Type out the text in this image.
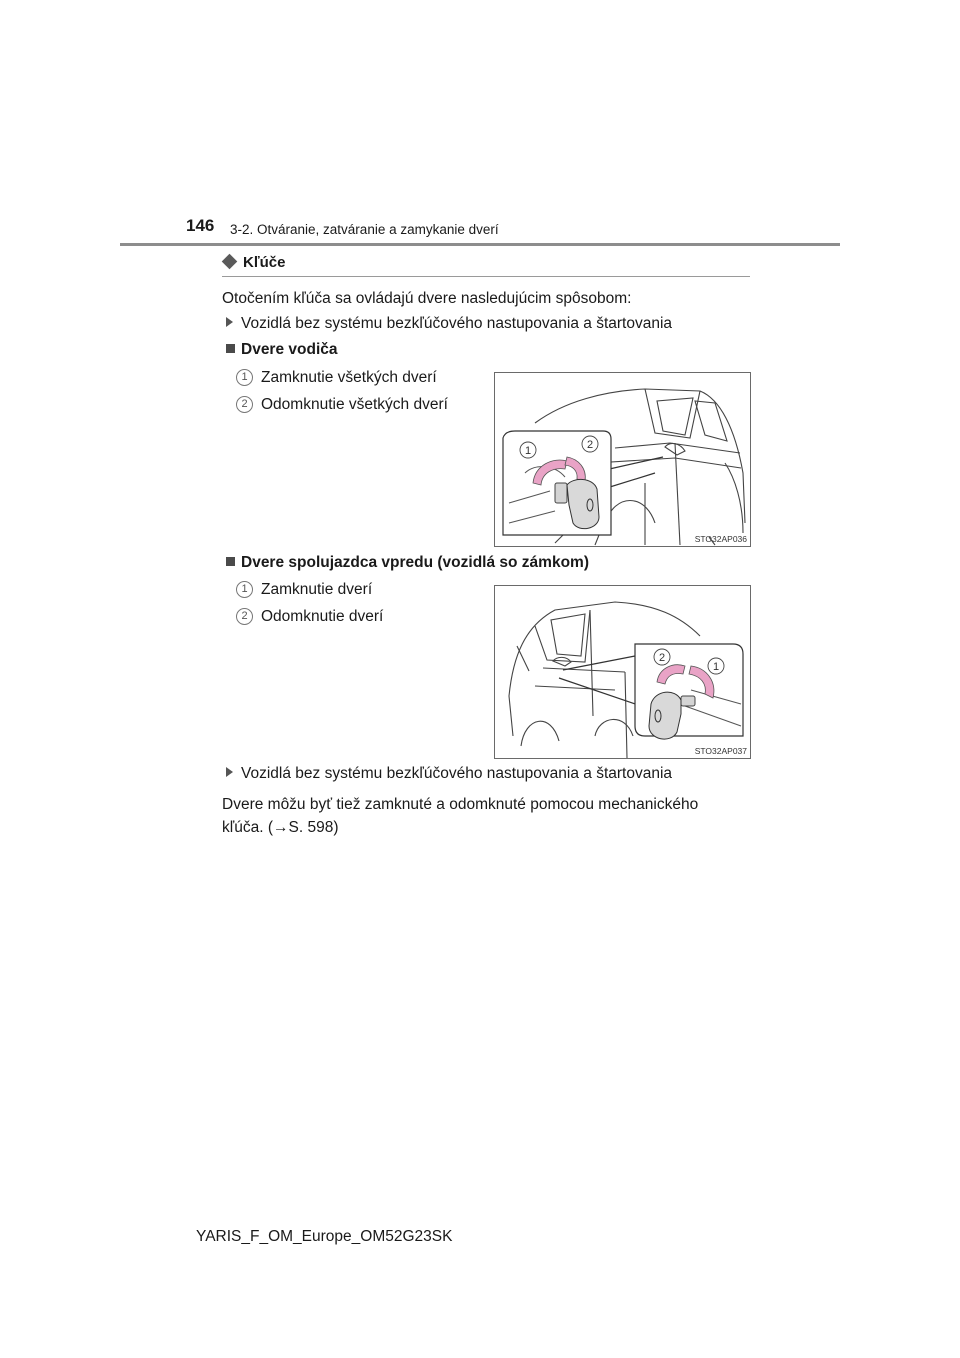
146 3-2. Otváranie, zatváranie a zamykanie dverí
Kľúče
Otočením kľúča sa ovládajú dvere nasledujúcim spôsobom:
Vozidlá bez systému bezkľúčového nastupovania a štartovania
Dvere vodiča
1 Zamknutie všetkých dverí
2 Odomknutie všetkých dverí
1	2
STO32AP036
Dvere spolujazdca vpredu (vozidlá so zámkom)
1 Zamknutie dverí
2 Odomknutie dverí
2
1
STO32AP037
Vozidlá bez systému bezkľúčového nastupovania a štartovania
Dvere môžu byť tiež zamknuté a odomknuté pomocou mechanického
kľúča. (→S. 598)
YARIS_F_OM_Europe_OM52G23SK
